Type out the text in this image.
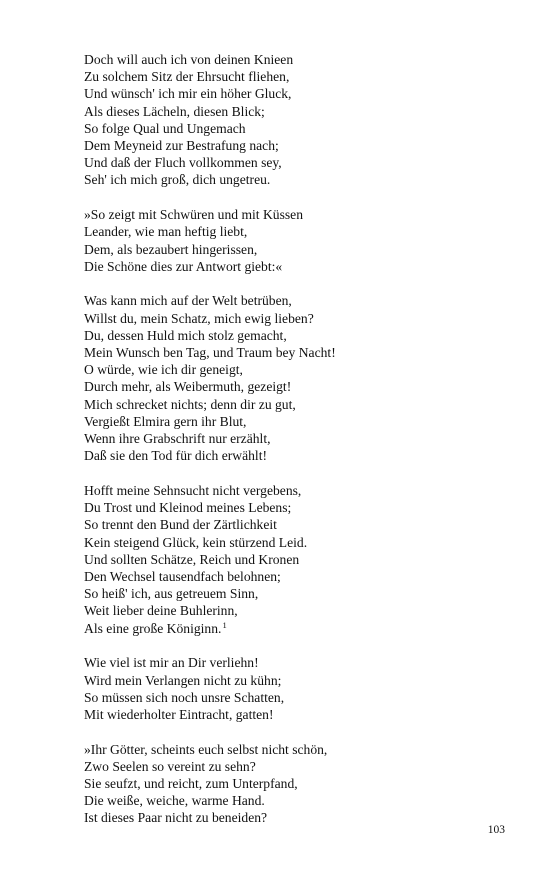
Doch will auch ich von deinen Knieen
Zu solchem Sitz der Ehrsucht fliehen,
Und wünsch' ich mir ein höher Gluck,
Als dieses Lächeln, diesen Blick;
So folge Qual und Ungemach
Dem Meyneid zur Bestrafung nach;
Und daß der Fluch vollkommen sey,
Seh' ich mich groß, dich ungetreu.
»So zeigt mit Schwüren und mit Küssen
Leander, wie man heftig liebt,
Dem, als bezaubert hingerissen,
Die Schöne dies zur Antwort giebt:«
Was kann mich auf der Welt betrüben,
Willst du, mein Schatz, mich ewig lieben?
Du, dessen Huld mich stolz gemacht,
Mein Wunsch ben Tag, und Traum bey Nacht!
O würde, wie ich dir geneigt,
Durch mehr, als Weibermuth, gezeigt!
Mich schrecket nichts; denn dir zu gut,
Vergießt Elmira gern ihr Blut,
Wenn ihre Grabschrift nur erzählt,
Daß sie den Tod für dich erwählt!
Hofft meine Sehnsucht nicht vergebens,
Du Trost und Kleinod meines Lebens;
So trennt den Bund der Zärtlichkeit
Kein steigend Glück, kein stürzend Leid.
Und sollten Schätze, Reich und Kronen
Den Wechsel tausendfach belohnen;
So heiß' ich, aus getreuem Sinn,
Weit lieber deine Buhlerinn,
Als eine große Königinn.$^1$
Wie viel ist mir an Dir verliehn!
Wird mein Verlangen nicht zu kühn;
So müssen sich noch unsre Schatten,
Mit wiederholter Eintracht, gatten!
»Ihr Götter, scheints euch selbst nicht schön,
Zwo Seelen so vereint zu sehn?
Sie seufzt, und reicht, zum Unterpfand,
Die weiße, weiche, warme Hand.
Ist dieses Paar nicht zu beneiden?
103
